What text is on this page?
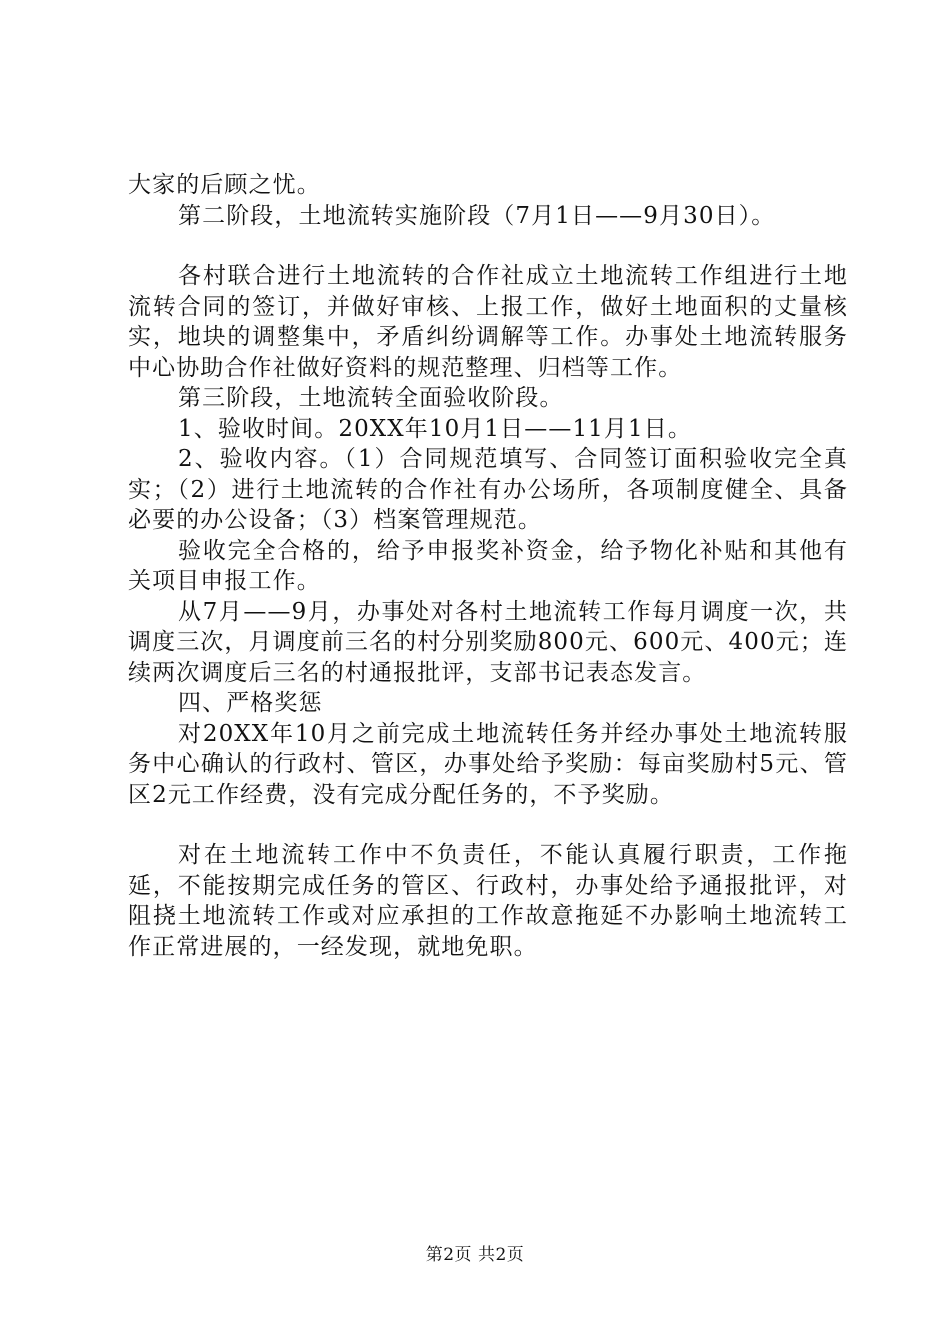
大家的后顾之忧。

第二阶段，土地流转实施阶段（7月1日——9月30日）。

各村联合进行土地流转的合作社成立土地流转工作组进行土地流转合同的签订，并做好审核、上报工作，做好土地面积的丈量核实，地块的调整集中，矛盾纠纷调解等工作。办事处土地流转服务中心协助合作社做好资料的规范整理、归档等工作。

第三阶段，土地流转全面验收阶段。

1、验收时间。20XX年10月1日——11月1日。

2、验收内容。（1）合同规范填写、合同签订面积验收完全真实；（2）进行土地流转的合作社有办公场所，各项制度健全、具备必要的办公设备；（3）档案管理规范。

验收完全合格的，给予申报奖补资金，给予物化补贴和其他有关项目申报工作。

从7月——9月，办事处对各村土地流转工作每月调度一次，共调度三次，月调度前三名的村分别奖励800元、600元、400元；连续两次调度后三名的村通报批评，支部书记表态发言。

四、严格奖惩

对20XX年10月之前完成土地流转任务并经办事处土地流转服务中心确认的行政村、管区，办事处给予奖励：每亩奖励村5元、管区2元工作经费，没有完成分配任务的，不予奖励。

对在土地流转工作中不负责任，不能认真履行职责，工作拖延，不能按期完成任务的管区、行政村，办事处给予通报批评，对阻挠土地流转工作或对应承担的工作故意拖延不办影响土地流转工作正常进展的，一经发现，就地免职。

第2页 共2页
